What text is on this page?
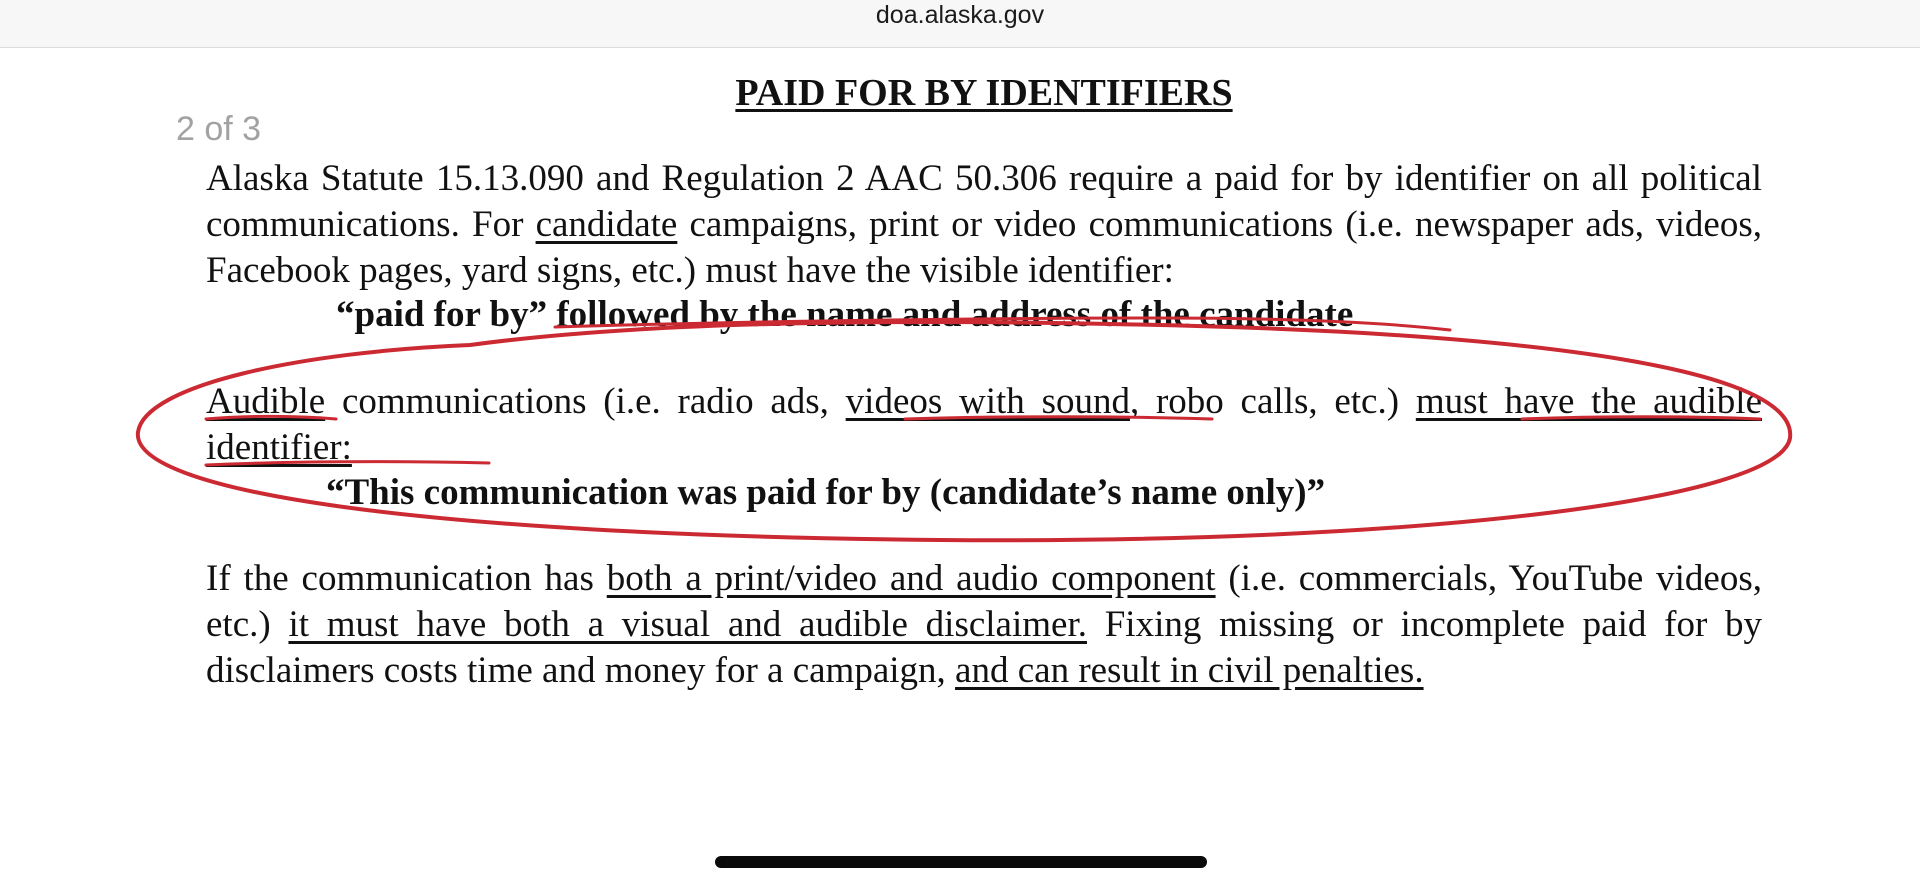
doa.alaska.gov
2 of 3
PAID FOR BY IDENTIFIERS

Alaska Statute 15.13.090 and Regulation 2 AAC 50.306 require a paid for by identifier on all political communications. For candidate campaigns, print or video communications (i.e. newspaper ads, videos, Facebook pages, yard signs, etc.) must have the visible identifier:

“paid for by” followed by the name and address of the candidate

Audible communications (i.e. radio ads, videos with sound, robo calls, etc.) must have the audible identifier:

“This communication was paid for by (candidate’s name only)”

If the communication has both a print/video and audio component (i.e. commercials, YouTube videos, etc.) it must have both a visual and audible disclaimer. Fixing missing or incomplete paid for by disclaimers costs time and money for a campaign, and can result in civil penalties.
